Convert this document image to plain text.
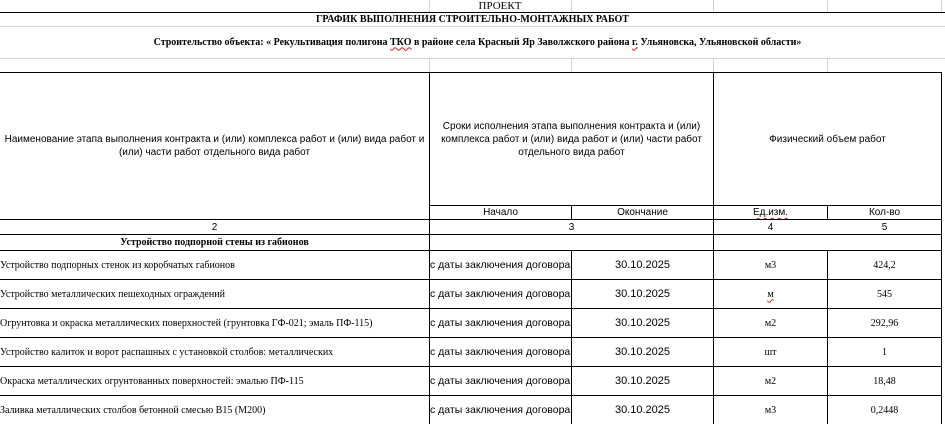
ПРОЕКТ
ГРАФИК ВЫПОЛНЕНИЯ СТРОИТЕЛЬНО-МОНТАЖНЫХ РАБОТ
Строительство объекта: « Рекультивация полигона ТКО в районе села Красный Яр Заволжского района г. Ульяновска, Ульяновской области»
Наименование этапа выполнения контракта и (или) комплекса работ и (или) вида работ и (или) части работ отдельного вида работ
Сроки исполнения этапа выполнения контракта и (или) комплекса работ и (или) вида работ и (или) части работ отдельного вида работ
Физический объем работ
Начало	Окончание	Ед.изм.	Кол-во
2	3	4	5
Устройство подпорной стены из габионов
Устройство подпорных стенок из коробчатых габионов	с даты заключения договора	30.10.2025	м3	424,2
Устройство металлических пешеходных ограждений	с даты заключения договора	30.10.2025	м	545
Огрунтовка и окраска металлических поверхностей (грунтовка ГФ-021; эмаль ПФ-115)	с даты заключения договора	30.10.2025	м2	292,96
Устройство калиток и ворот распашных с установкой столбов: металлических	с даты заключения договора	30.10.2025	шт	1
Окраска металлических огрунтованных поверхностей: эмалью ПФ-115	с даты заключения договора	30.10.2025	м2	18,48
Заливка металлических столбов бетонной смесью В15 (М200)	с даты заключения договора	30.10.2025	м3	0,2448
